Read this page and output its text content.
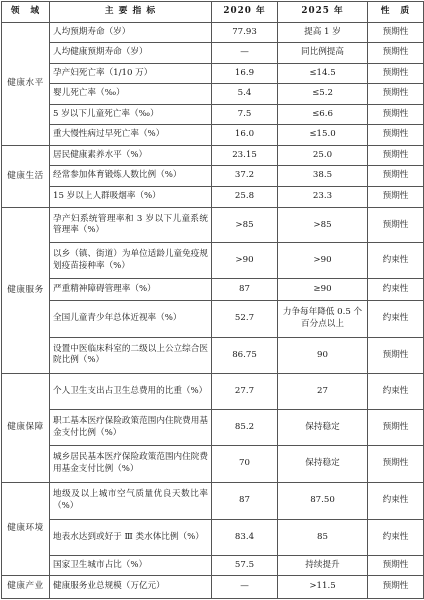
领　域	主 要 指 标	2020 年	2025 年	性　质
健康水平	人均预期寿命（岁）	77.93	提高 1 岁	预期性
	人均健康预期寿命（岁）	—	同比例提高	预期性
	孕产妇死亡率（1/10 万）	16.9	≤14.5	预期性
	婴儿死亡率（‰）	5.4	≤5.2	预期性
	5 岁以下儿童死亡率（‰）	7.5	≤6.6	预期性
	重大慢性病过早死亡率（%）	16.0	≤15.0	预期性
健康生活	居民健康素养水平（%）	23.15	25.0	预期性
	经常参加体育锻炼人数比例（%）	37.2	38.5	预期性
	15 岁以上人群吸烟率（%）	25.8	23.3	预期性
健康服务	孕产妇系统管理率和 3 岁以下儿童系统管理率（%）	>85	>85	预期性
	以乡（镇、街道）为单位适龄儿童免疫规划疫苗接种率（%）	>90	>90	约束性
	严重精神障碍管理率（%）	87	≥90	约束性
	全国儿童青少年总体近视率（%）	52.7	力争每年降低 0.5 个百分点以上	约束性
	设置中医临床科室的二级以上公立综合医院比例（%）	86.75	90	预期性
健康保障	个人卫生支出占卫生总费用的比重（%）	27.7	27	约束性
	职工基本医疗保险政策范围内住院费用基金支付比例（%）	85.2	保持稳定	预期性
	城乡居民基本医疗保险政策范围内住院费用基金支付比例（%）	70	保持稳定	预期性
健康环境	地级及以上城市空气质量优良天数比率（%）	87	87.50	约束性
	地表水达到或好于 Ⅲ 类水体比例（%）	83.4	85	约束性
	国家卫生城市占比（%）	57.5	持续提升	预期性
健康产业	健康服务业总规模（万亿元）	—	>11.5	预期性
